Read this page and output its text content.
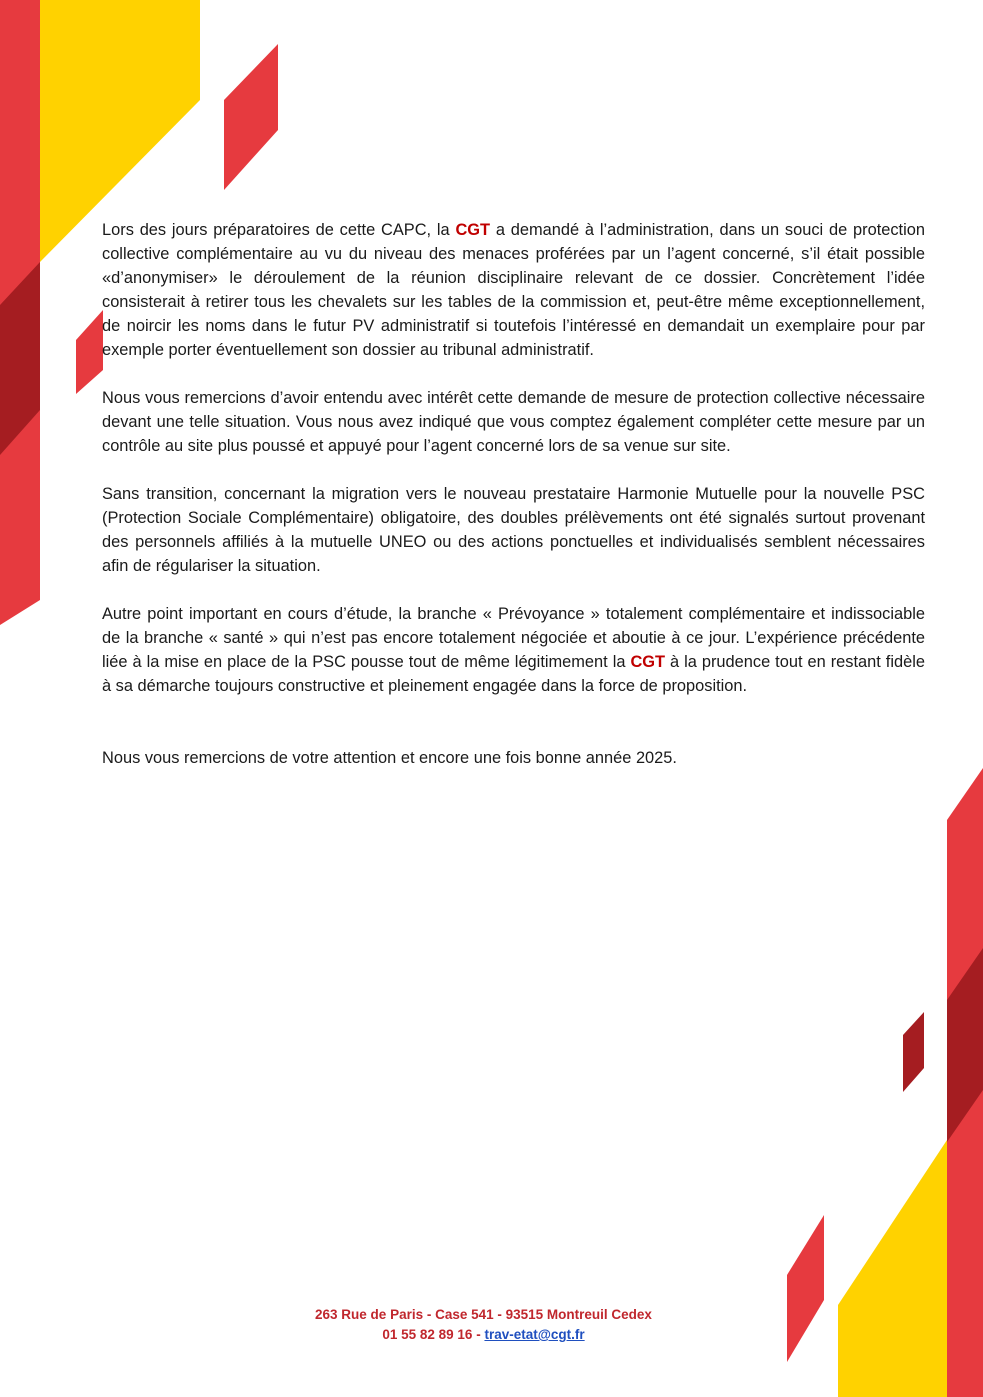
Lors des jours préparatoires de cette CAPC, la CGT a demandé à l’administration, dans un souci de protection collective complémentaire au vu du niveau des menaces proférées par un l’agent concerné, s’il était possible «d’anonymiser» le déroulement de la réunion disciplinaire relevant de ce dossier. Concrètement l’idée consisterait à retirer tous les chevalets sur les tables de la commission et, peut-être même exceptionnellement, de noircir les noms dans le futur PV administratif si toutefois l’intéressé en demandait un exemplaire pour par exemple porter éventuellement son dossier au tribunal administratif.

Nous vous remercions d’avoir entendu avec intérêt cette demande de mesure de protection collective nécessaire devant une telle situation. Vous nous avez indiqué que vous comptez également compléter cette mesure par un contrôle au site plus poussé et appuyé pour l’agent concerné lors de sa venue sur site.

Sans transition, concernant la migration vers le nouveau prestataire Harmonie Mutuelle pour la nouvelle PSC (Protection Sociale Complémentaire) obligatoire, des doubles prélèvements ont été signalés surtout provenant des personnels affiliés à la mutuelle UNEO ou des actions ponctuelles et individualisés semblent nécessaires afin de régulariser la situation.

Autre point important en cours d’étude, la branche « Prévoyance » totalement complémentaire et indissociable de la branche « santé » qui n’est pas encore totalement négociée et aboutie à ce jour. L’expérience précédente liée à la mise en place de la PSC pousse tout de même légitimement la CGT à la prudence tout en restant fidèle à sa démarche toujours constructive et pleinement engagée dans la force de proposition.

Nous vous remercions de votre attention et encore une fois bonne année 2025.

263 Rue de Paris - Case 541 - 93515 Montreuil Cedex
01 55 82 89 16 - trav-etat@cgt.fr
